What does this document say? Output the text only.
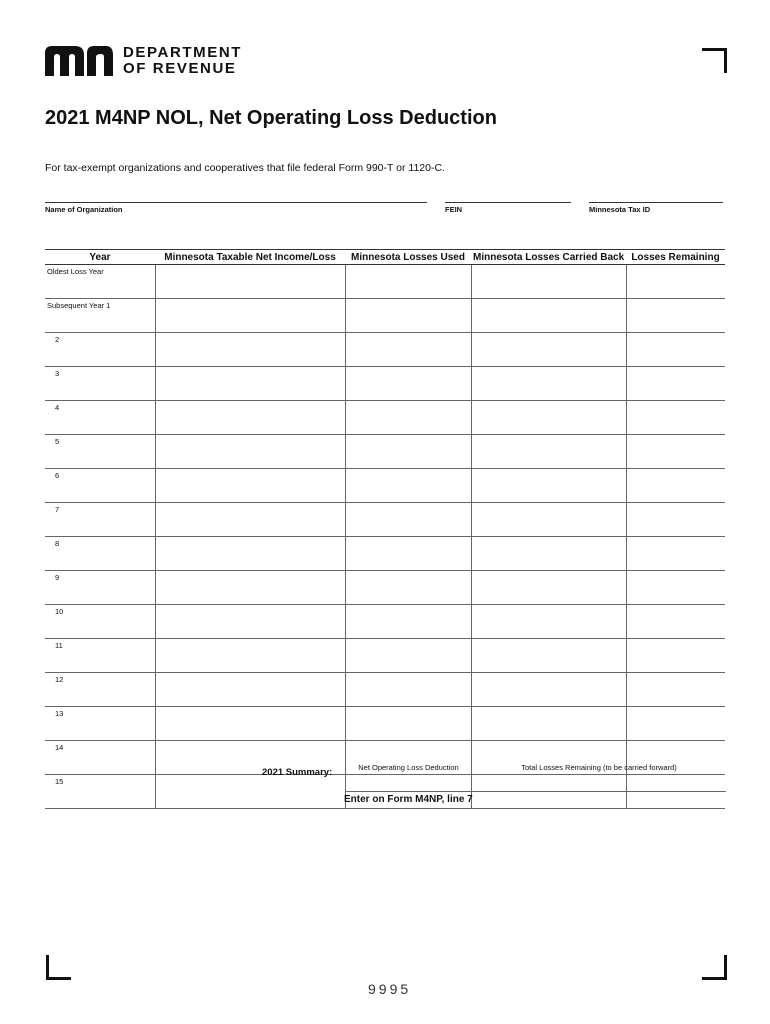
DEPARTMENT
OF REVENUE
2021 M4NP NOL, Net Operating Loss Deduction
For tax-exempt organizations and cooperatives that file federal Form 990-T or 1120-C.
Name of Organization	FEIN	Minnesota Tax ID
Year	Minnesota Taxable Net Income/Loss	Minnesota Losses Used	Minnesota Losses Carried Back	Losses Remaining
Oldest Loss Year				
Subsequent Year 1				
2				
3				
4				
5				
6				
7				
8				
9				
10				
11				
12				
13				
14				
15				
2021 Summary:	Net Operating Loss Deduction	Total Losses Remaining (to be carried forward)
Enter on Form M4NP, line 7
9995
